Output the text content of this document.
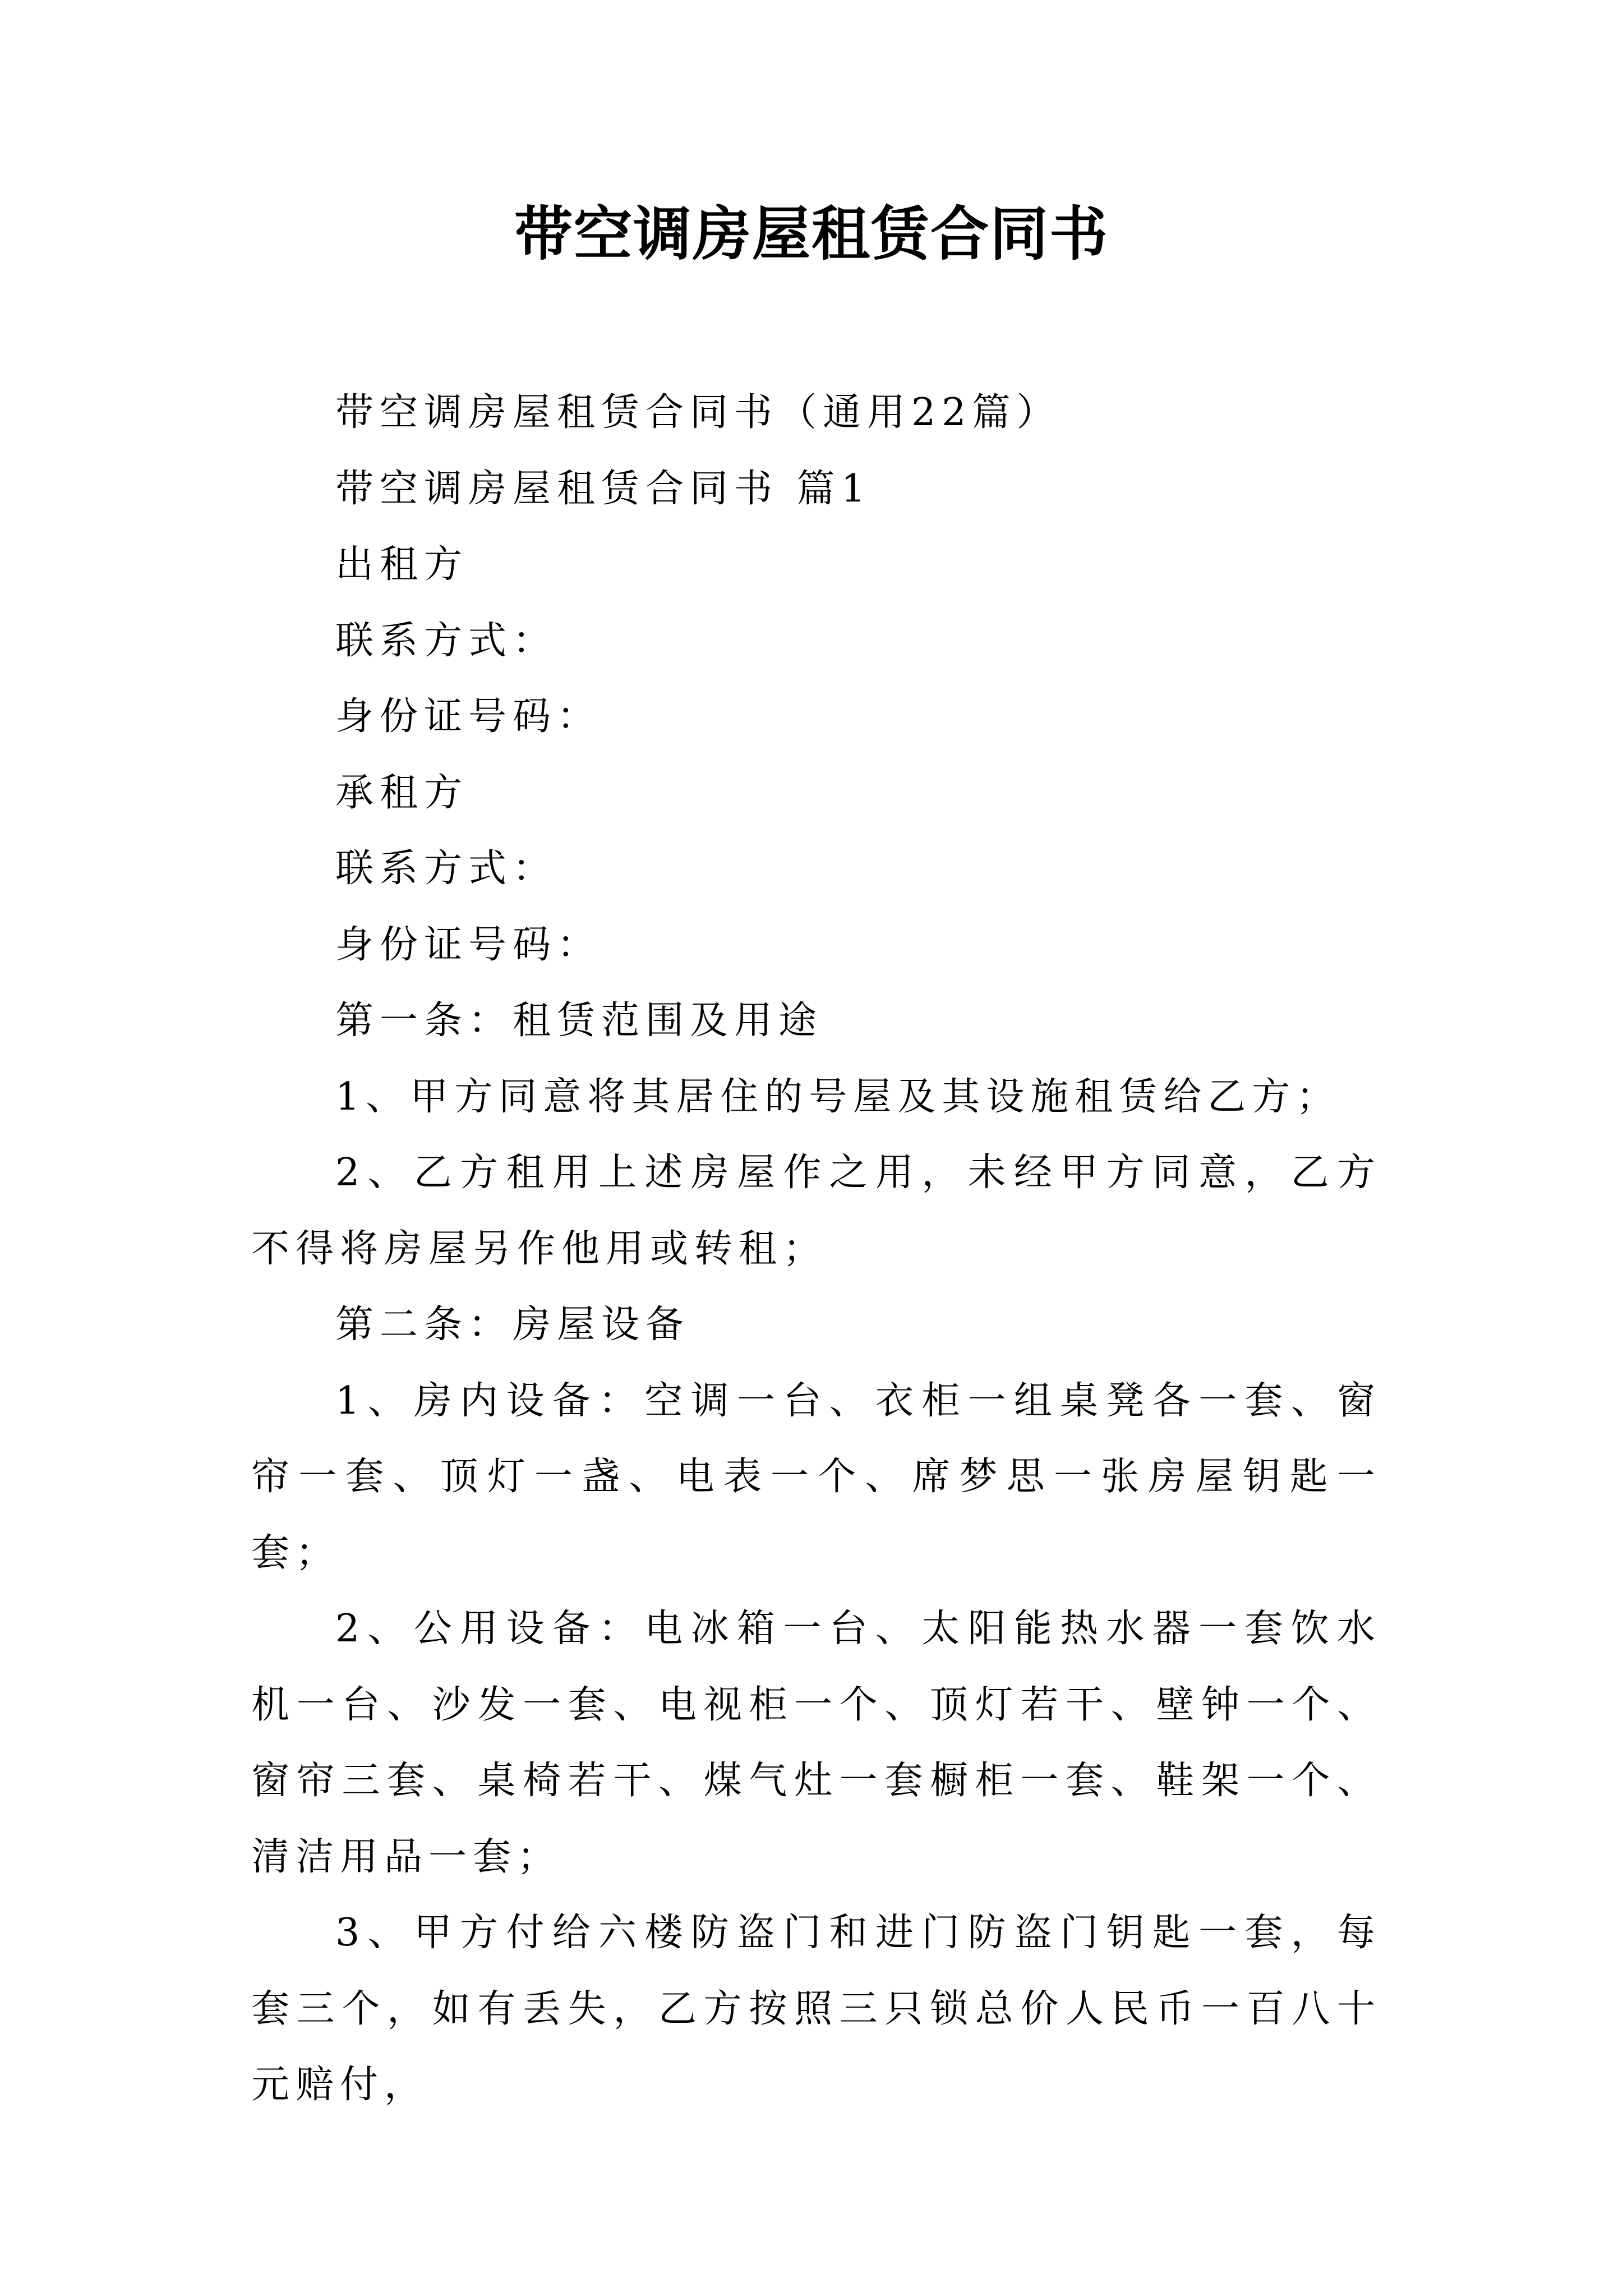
带空调房屋租赁合同书

带空调房屋租赁合同书（通用22篇）

带空调房屋租赁合同书 篇1

出租方

联系方式：

身份证号码：

承租方

联系方式：

身份证号码：

第一条：租赁范围及用途

1、甲方同意将其居住的号屋及其设施租赁给乙方；

2、乙方租用上述房屋作之用，未经甲方同意，乙方不得将房屋另作他用或转租；

第二条：房屋设备

1、房内设备：空调一台、衣柜一组桌凳各一套、窗帘一套、顶灯一盏、电表一个、席梦思一张房屋钥匙一套；

2、公用设备：电冰箱一台、太阳能热水器一套饮水机一台、沙发一套、电视柜一个、顶灯若干、壁钟一个、窗帘三套、桌椅若干、煤气灶一套橱柜一套、鞋架一个、清洁用品一套；

3、甲方付给六楼防盗门和进门防盗门钥匙一套，每套三个，如有丢失，乙方按照三只锁总价人民币一百八十元赔付，
